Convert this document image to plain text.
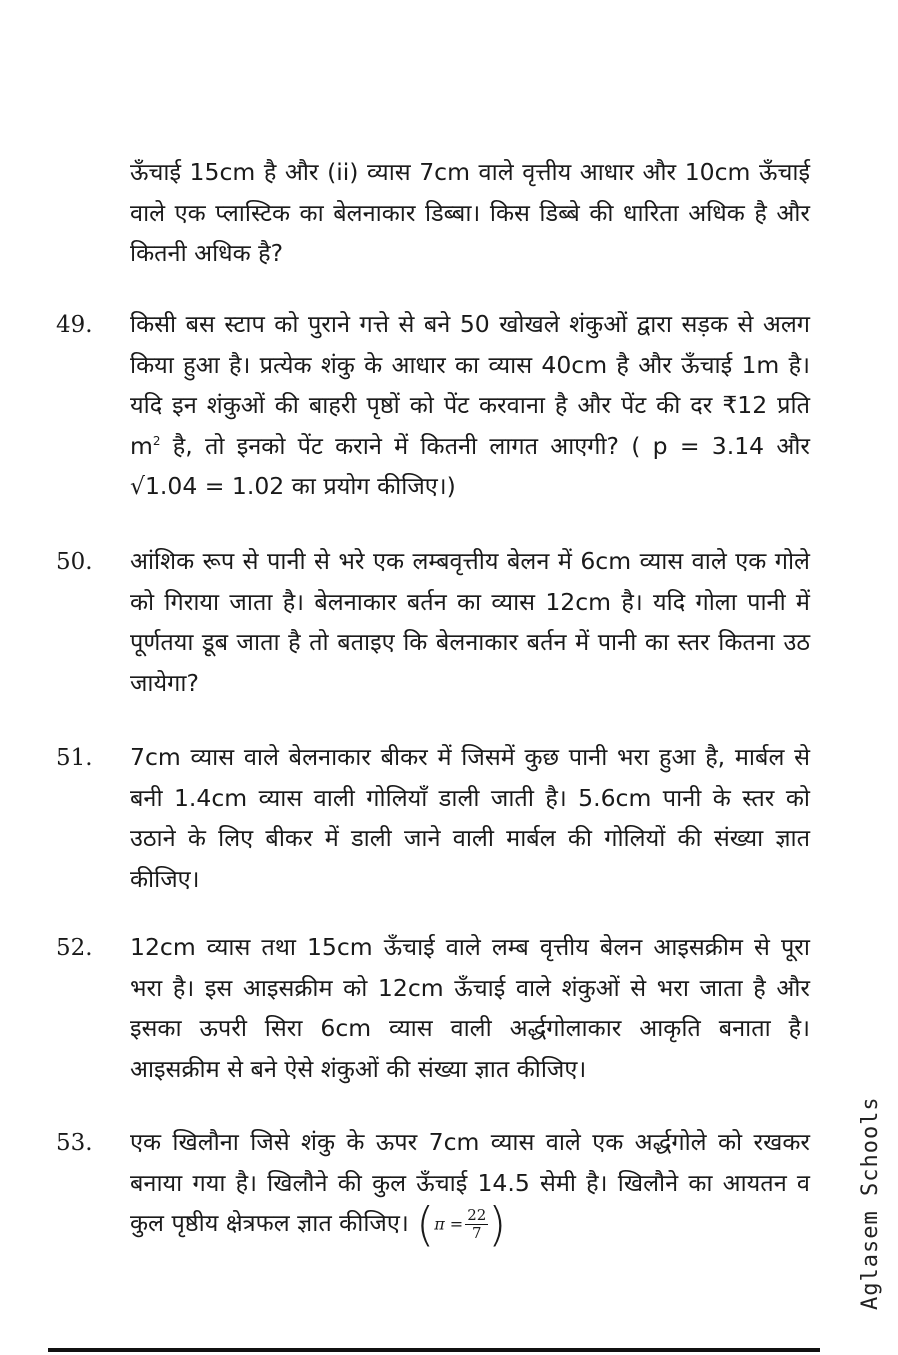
ऊँचाई 15cm है और (ii) व्यास 7cm वाले वृत्तीय आधार और 10cm ऊँचाई वाले एक प्लास्टिक का बेलनाकार डिब्बा। किस डिब्बे की धारिता अधिक है और कितनी अधिक है?
49. किसी बस स्टाप को पुराने गत्ते से बने 50 खोखले शंकुओं द्वारा सड़क से अलग किया हुआ है। प्रत्येक शंकु के आधार का व्यास 40cm है और ऊँचाई 1m है। यदि इन शंकुओं की बाहरी पृष्ठों को पेंट करवाना है और पेंट की दर ₹12 प्रति $m^2$ है, तो इनको पेंट कराने में कितनी लागत आएगी? ( p = 3.14 और √1.04 = 1.02 का प्रयोग कीजिए।)
50. आंशिक रूप से पानी से भरे एक लम्बवृत्तीय बेलन में 6cm व्यास वाले एक गोले को गिराया जाता है। बेलनाकार बर्तन का व्यास 12cm है। यदि गोला पानी में पूर्णतया डूब जाता है तो बताइए कि बेलनाकार बर्तन में पानी का स्तर कितना उठ जायेगा?
51. 7cm व्यास वाले बेलनाकार बीकर में जिसमें कुछ पानी भरा हुआ है, मार्बल से बनी 1.4cm व्यास वाली गोलियाँ डाली जाती है। 5.6cm पानी के स्तर को उठाने के लिए बीकर में डाली जाने वाली मार्बल की गोलियों की संख्या ज्ञात कीजिए।
52. 12cm व्यास तथा 15cm ऊँचाई वाले लम्ब वृत्तीय बेलन आइसक्रीम से पूरा भरा है। इस आइसक्रीम को 12cm ऊँचाई वाले शंकुओं से भरा जाता है और इसका ऊपरी सिरा 6cm व्यास वाली अर्द्धगोलाकार आकृति बनाता है। आइसक्रीम से बने ऐसे शंकुओं की संख्या ज्ञात कीजिए।
53. एक खिलौना जिसे शंकु के ऊपर 7cm व्यास वाले एक अर्द्धगोले को रखकर बनाया गया है। खिलौने की कुल ऊँचाई 14.5 सेमी है। खिलौने का आयतन व कुल पृष्ठीय क्षेत्रफल ज्ञात कीजिए। ($\pi = \frac{22}{7}$ )	Aglasem Schools
